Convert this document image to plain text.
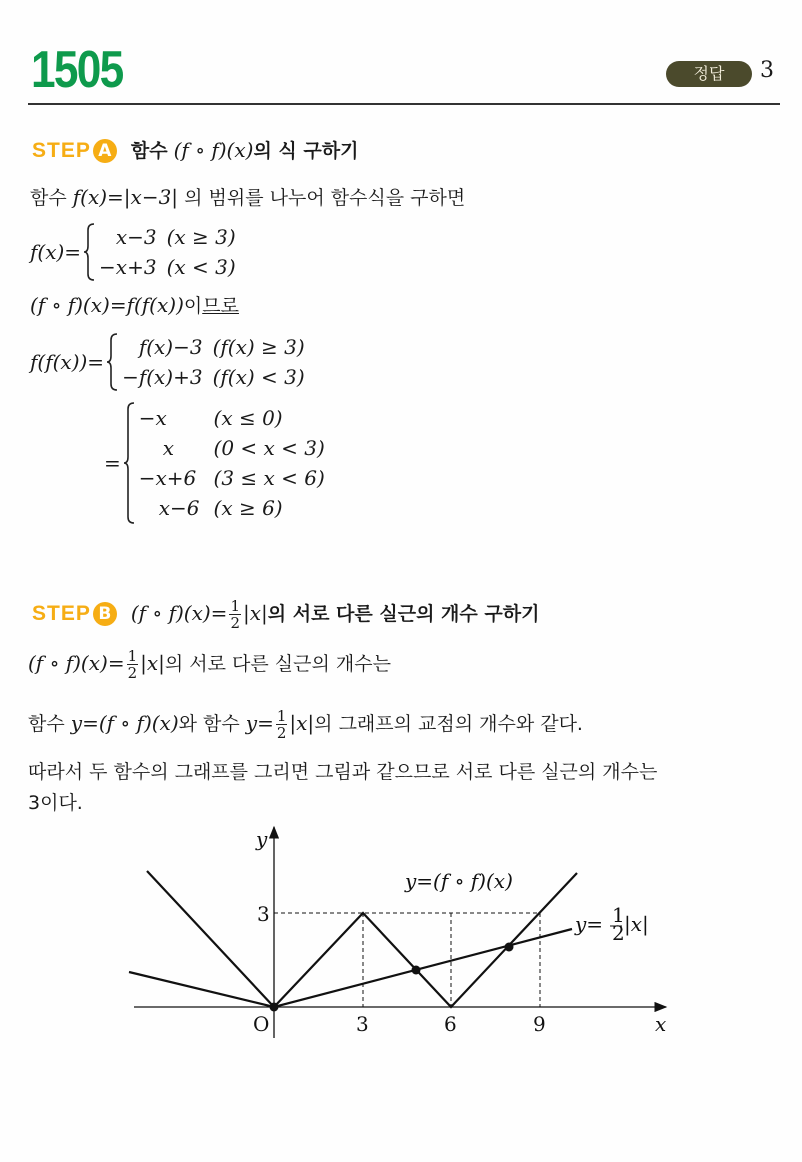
1505	정답	3
STEP A 함수 (f ∘ f)(x)의 식 구하기
함수 f(x)=|x−3| 의 범위를 나누어 함수식을 구하면
f(x)=
x−3 (x ≥ 3)
−x+3 (x < 3)
(f ∘ f)(x)=f(f(x))이므로
f(f(x))=
f(x)−3 (f(x) ≥ 3)
−f(x)+3 (f(x) < 3)
=
−x	(x ≤ 0)
x	(0 < x < 3)
−x+6 (3 ≤ x < 6)
x−6 (x ≥ 6)
STEP B (f ∘ $f)(x)= \frac{1}{2} |x|$의 서로 다른 실근의 개수 구하기
(f ∘ $f)(x)= \frac{1}{2} |x|$의 서로 다른 실근의 개수는
함수 y=(f ∘ f)(x)와 함수 $y= \frac{1}{2} |x|$의 그래프의 교점의 개수와 같다.
따라서 두 함수의 그래프를 그리면 그림과 같으므로 서로 다른 실근의 개수는
3이다.
y
3
O	3	6	9	x
y=(f ∘ f)(x)
y= 1
2 |x|
